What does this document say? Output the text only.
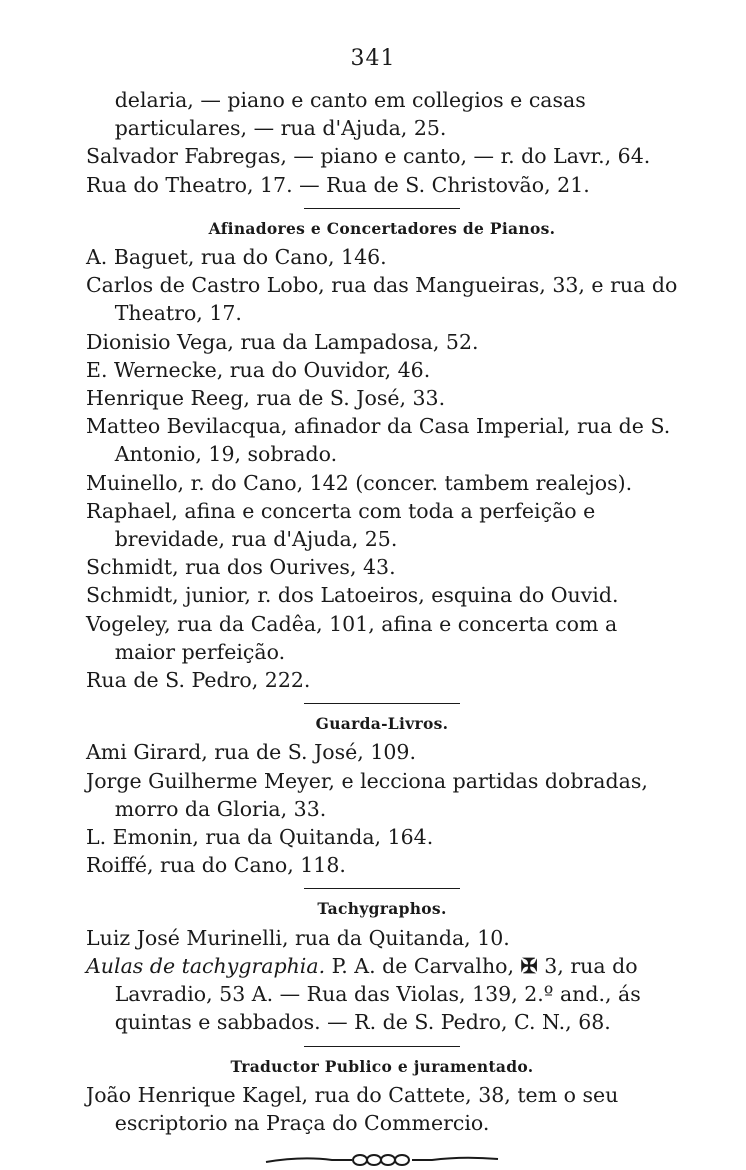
341

delaria, — piano e canto em collegios e casas particulares, — rua d'Ajuda, 25.

Salvador Fabregas, — piano e canto, — r. do Lavr., 64.

Rua do Theatro, 17. — Rua de S. Christovão, 21.

Afinadores e Concertadores de Pianos.

A. Baguet, rua do Cano, 146.

Carlos de Castro Lobo, rua das Mangueiras, 33, e rua do Theatro, 17.

Dionisio Vega, rua da Lampadosa, 52.

E. Wernecke, rua do Ouvidor, 46.

Henrique Reeg, rua de S. José, 33.

Matteo Bevilacqua, afinador da Casa Imperial, rua de S. Antonio, 19, sobrado.

Muinello, r. do Cano, 142 (concer. tambem realejos).

Raphael, afina e concerta com toda a perfeição e brevidade, rua d'Ajuda, 25.

Schmidt, rua dos Ourives, 43.

Schmidt, junior, r. dos Latoeiros, esquina do Ouvid.

Vogeley, rua da Cadêa, 101, afina e concerta com a maior perfeição.

Rua de S. Pedro, 222.

Guarda-Livros.

Ami Girard, rua de S. José, 109.

Jorge Guilherme Meyer, e lecciona partidas dobradas, morro da Gloria, 33.

L. Emonin, rua da Quitanda, 164.

Roiffé, rua do Cano, 118.

Tachygraphos.

Luiz José Murinelli, rua da Quitanda, 10.

Aulas de tachygraphia. P. A. de Carvalho, ✠ 3, rua do Lavradio, 53 A. — Rua das Violas, 139, 2.º and., ás quintas e sabbados. — R. de S. Pedro, C. N., 68.

Traductor Publico e juramentado.

João Henrique Kagel, rua do Cattete, 38, tem o seu escriptorio na Praça do Commercio.
